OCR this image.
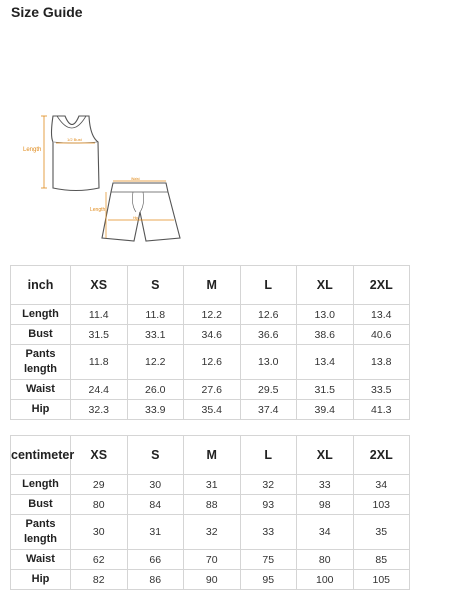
Size Guide
Length
1/2 Bust
Length
Waist
Hip
inch	XS	S	M	L	XL	2XL
Length	11.4	11.8	12.2	12.6	13.0	13.4
Bust	31.5	33.1	34.6	36.6	38.6	40.6
Pants length	11.8	12.2	12.6	13.0	13.4	13.8
Waist	24.4	26.0	27.6	29.5	31.5	33.5
Hip	32.3	33.9	35.4	37.4	39.4	41.3
centimeter	XS	S	M	L	XL	2XL
Length	29	30	31	32	33	34
Bust	80	84	88	93	98	103
Pants length	30	31	32	33	34	35
Waist	62	66	70	75	80	85
Hip	82	86	90	95	100	105
